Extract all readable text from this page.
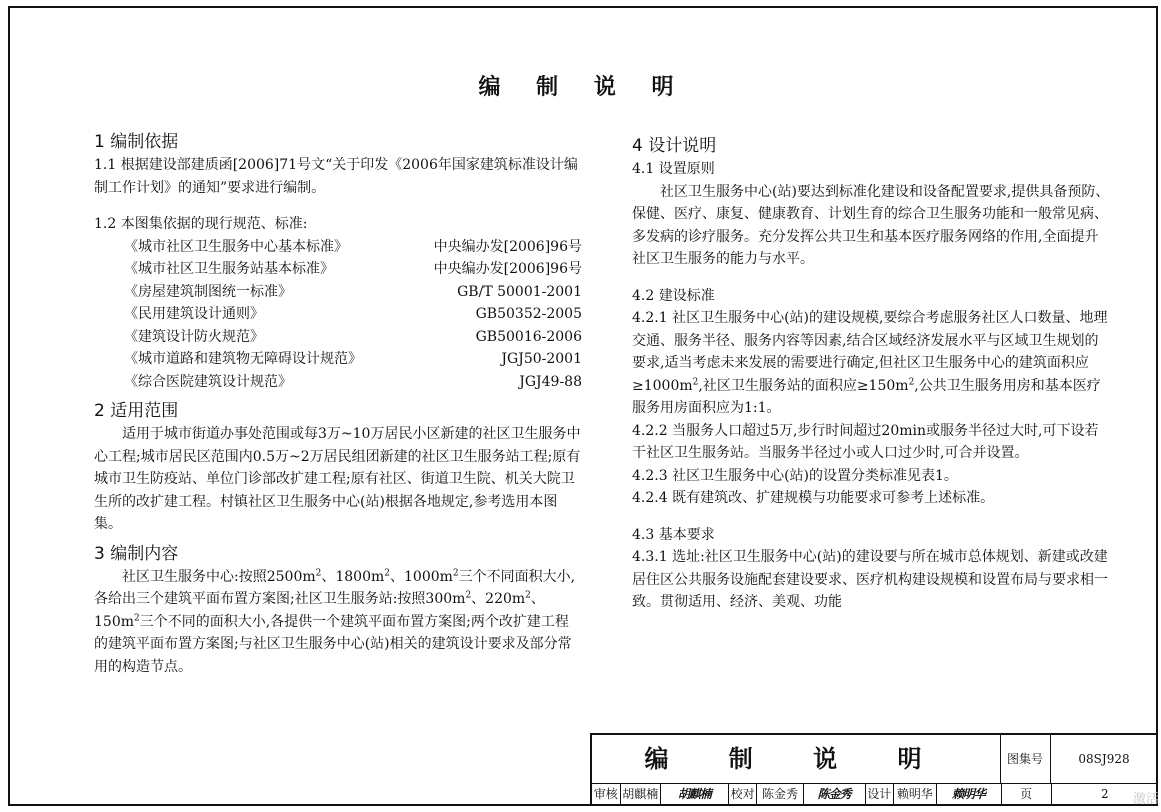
编 制 说 明

1 编制依据

1.1 根据建设部建质函[2006]71号文“关于印发《2006年国家建筑标准设计编制工作计划》的通知”要求进行编制。

1.2 本图集依据的现行规范、标准:

《城市社区卫生服务中心基本标准》	中央编办发[2006]96号
《城市社区卫生服务站基本标准》	中央编办发[2006]96号
《房屋建筑制图统一标准》	GB/T 50001-2001
《民用建筑设计通则》	GB50352-2005
《建筑设计防火规范》	GB50016-2006
《城市道路和建筑物无障碍设计规范》	JGJ50-2001
《综合医院建筑设计规范》	JGJ49-88

2 适用范围

适用于城市街道办事处范围或每3万~10万居民小区新建的社区卫生服务中心工程;城市居民区范围内0.5万~2万居民组团新建的社区卫生服务站工程;原有城市卫生防疫站、单位门诊部改扩建工程;原有社区、街道卫生院、机关大院卫生所的改扩建工程。村镇社区卫生服务中心(站)根据各地规定,参考选用本图集。

3 编制内容

社区卫生服务中心:按照$2500m^2$、$1800m^2$、$1000m^2$三个不同面积大小,各给出三个建筑平面布置方案图;社区卫生服务站:按照$300m^2$、$220m^2$、$150m^2$三个不同的面积大小,各提供一个建筑平面布置方案图;两个改扩建工程的建筑平面布置方案图;与社区卫生服务中心(站)相关的建筑设计要求及部分常用的构造节点。

4 设计说明

4.1 设置原则

社区卫生服务中心(站)要达到标准化建设和设备配置要求,提供具备预防、保健、医疗、康复、健康教育、计划生育的综合卫生服务功能和一般常见病、多发病的诊疗服务。充分发挥公共卫生和基本医疗服务网络的作用,全面提升社区卫生服务的能力与水平。

4.2 建设标准

4.2.1 社区卫生服务中心(站)的建设规模,要综合考虑服务社区人口数量、地理交通、服务半径、服务内容等因素,结合区域经济发展水平与区域卫生规划的要求,适当考虑未来发展的需要进行确定,但社区卫生服务中心的建筑面积应$\ge 1000m^2$,社区卫生服务站的面积应$\ge 150m^2$,公共卫生服务用房和基本医疗服务用房面积应为1:1。

4.2.2 当服务人口超过5万,步行时间超过20min或服务半径过大时,可下设若干社区卫生服务站。当服务半径过小或人口过少时,可合并设置。

4.2.3 社区卫生服务中心(站)的设置分类标准见表1。

4.2.4 既有建筑改、扩建规模与功能要求可参考上述标准。

4.3 基本要求

4.3.1 选址:社区卫生服务中心(站)的建设要与所在城市总体规划、新建或改建居住区公共服务设施配套建设要求、医疗机构建设规模和设置布局与要求相一致。贯彻适用、经济、美观、功能

编 制 说 明	图集号	08SJ928
审核 胡麒楠	胡麒楠	校对 陈金秀	陈金秀	设计 赖明华	赖明华	页	2	激活
